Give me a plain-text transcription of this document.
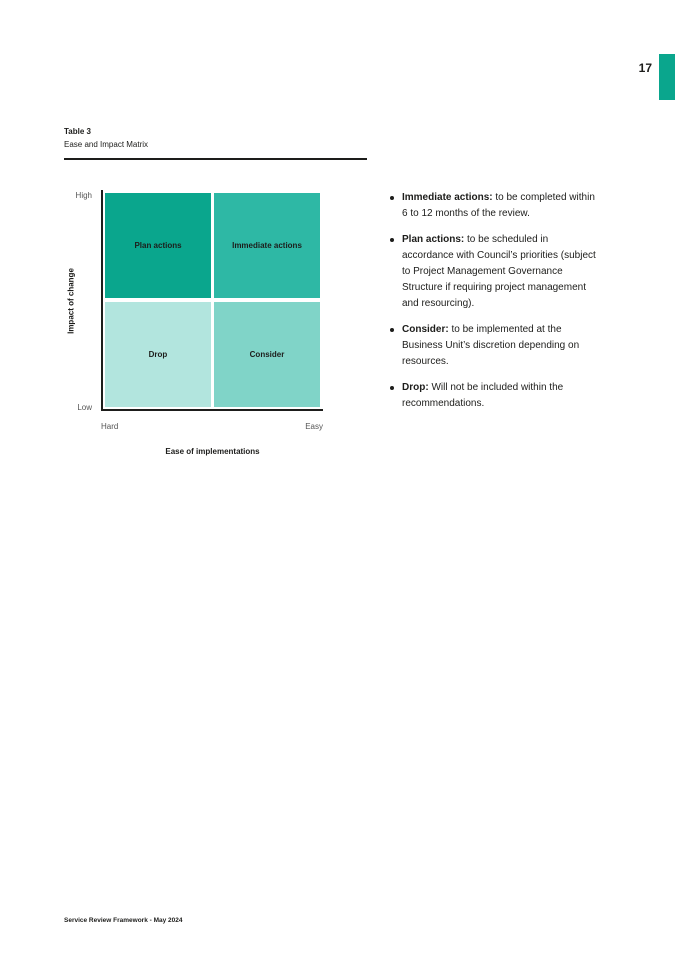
17
Table 3
Ease and Impact Matrix
High
Low
Impact of change
Plan actions	Immediate actions
Drop	Consider
Hard	Easy
Ease of implementations
Immediate actions: to be completed within 6 to 12 months of the review.
Plan actions: to be scheduled in accordance with Council’s priorities (subject to Project Management Governance Structure if requiring project management and resourcing).
Consider: to be implemented at the Business Unit’s discretion depending on resources.
Drop: Will not be included within the recommendations.
Service Review Framework - May 2024
